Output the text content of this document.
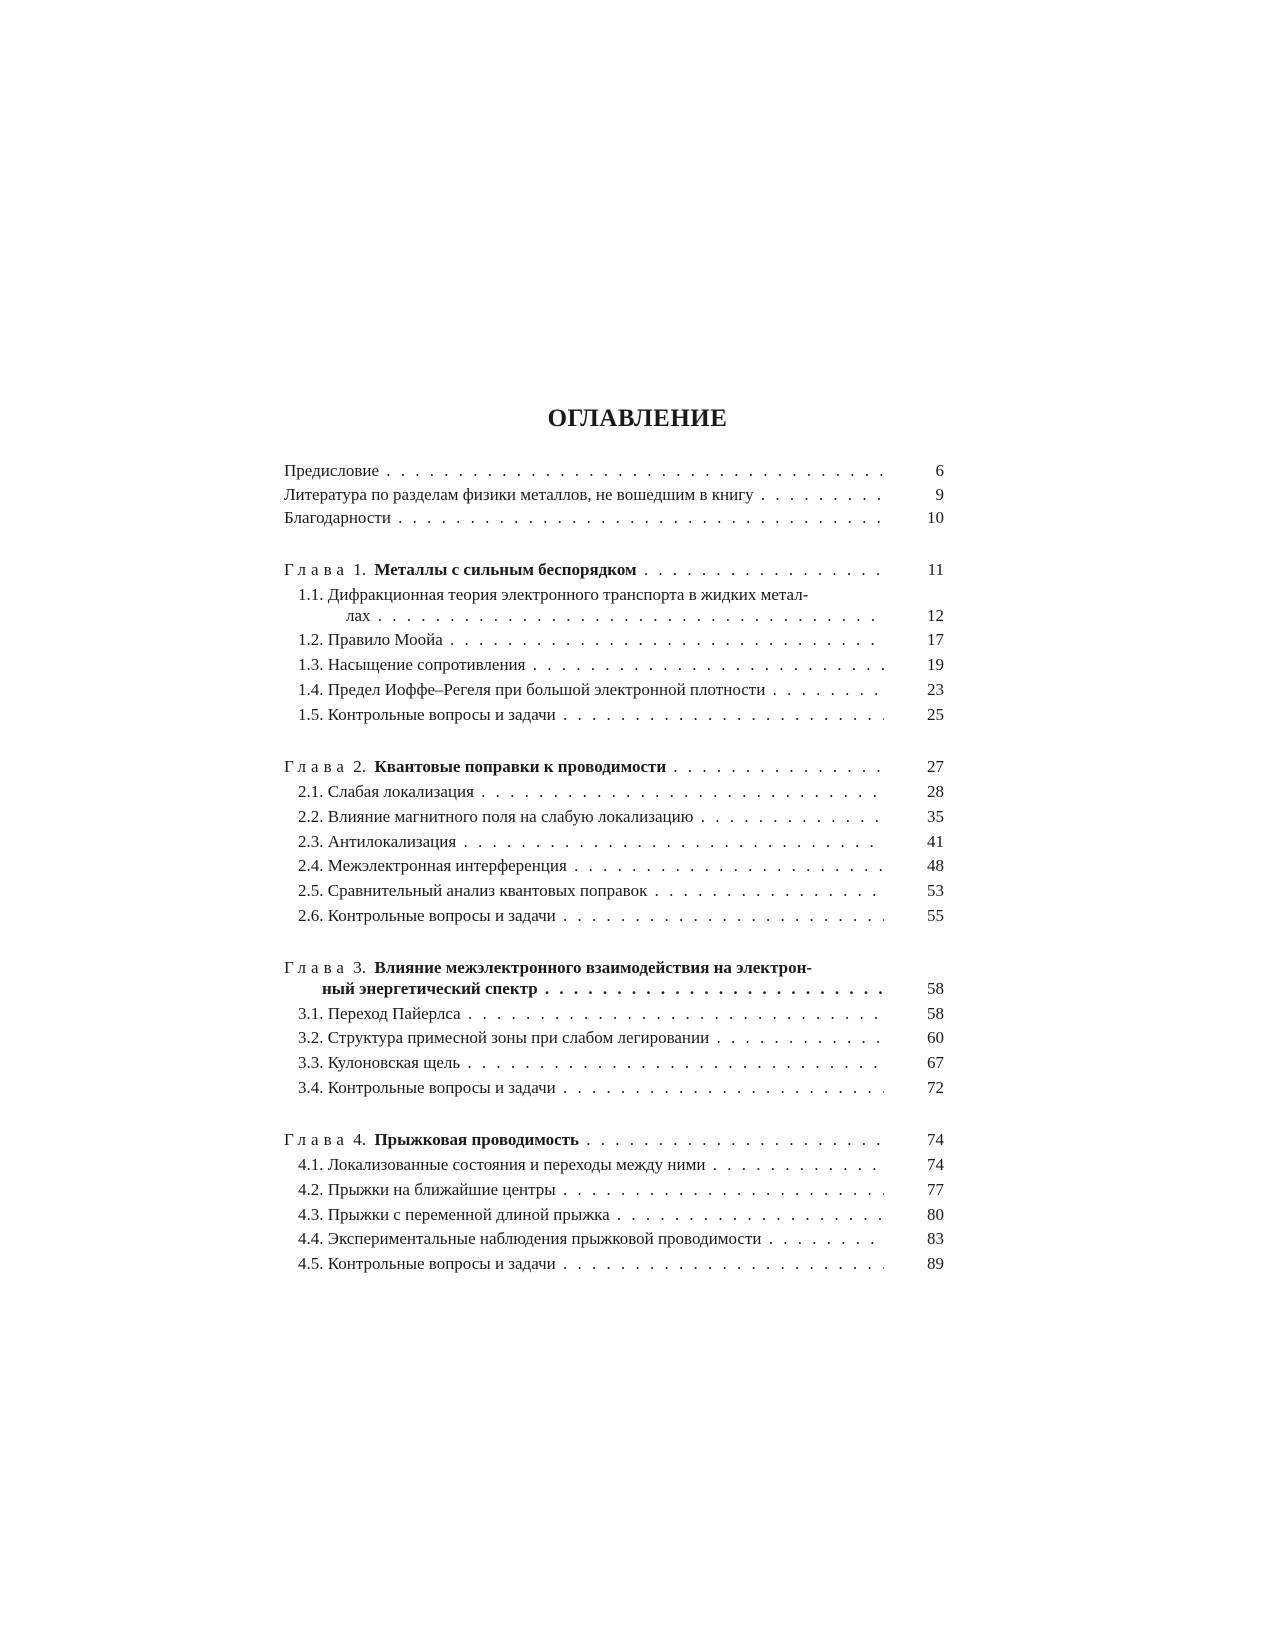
ОГЛАВЛЕНИЕ
Предисловие . . .	6
Литература по разделам физики металлов, не вошедшим в книгу . . .	9
Благодарности . . .	10
Глава 1. Металлы с сильным беспорядком . . .	11
1.1. Дифракционная теория электронного транспорта в жидких метал-
лах . . .	12
1.2. Правило Моойа . . .	17
1.3. Насыщение сопротивления . . .	19
1.4. Предел Иоффе–Регеля при большой электронной плотности . . .	23
1.5. Контрольные вопросы и задачи . . .	25
Глава 2. Квантовые поправки к проводимости . . .	27
2.1. Слабая локализация . . .	28
2.2. Влияние магнитного поля на слабую локализацию . . .	35
2.3. Антилокализация . . .	41
2.4. Межэлектронная интерференция . . .	48
2.5. Сравнительный анализ квантовых поправок . . .	53
2.6. Контрольные вопросы и задачи . . .	55
Глава 3. Влияние межэлектронного взаимодействия на электрон-
ный энергетический спектр . . .	58
3.1. Переход Пайерлса . . .	58
3.2. Структура примесной зоны при слабом легировании . . .	60
3.3. Кулоновская щель . . .	67
3.4. Контрольные вопросы и задачи . . .	72
Глава 4. Прыжковая проводимость . . .	74
4.1. Локализованные состояния и переходы между ними . . .	74
4.2. Прыжки на ближайшие центры . . .	77
4.3. Прыжки с переменной длиной прыжка . . .	80
4.4. Экспериментальные наблюдения прыжковой проводимости . . .	83
4.5. Контрольные вопросы и задачи . . .	89
